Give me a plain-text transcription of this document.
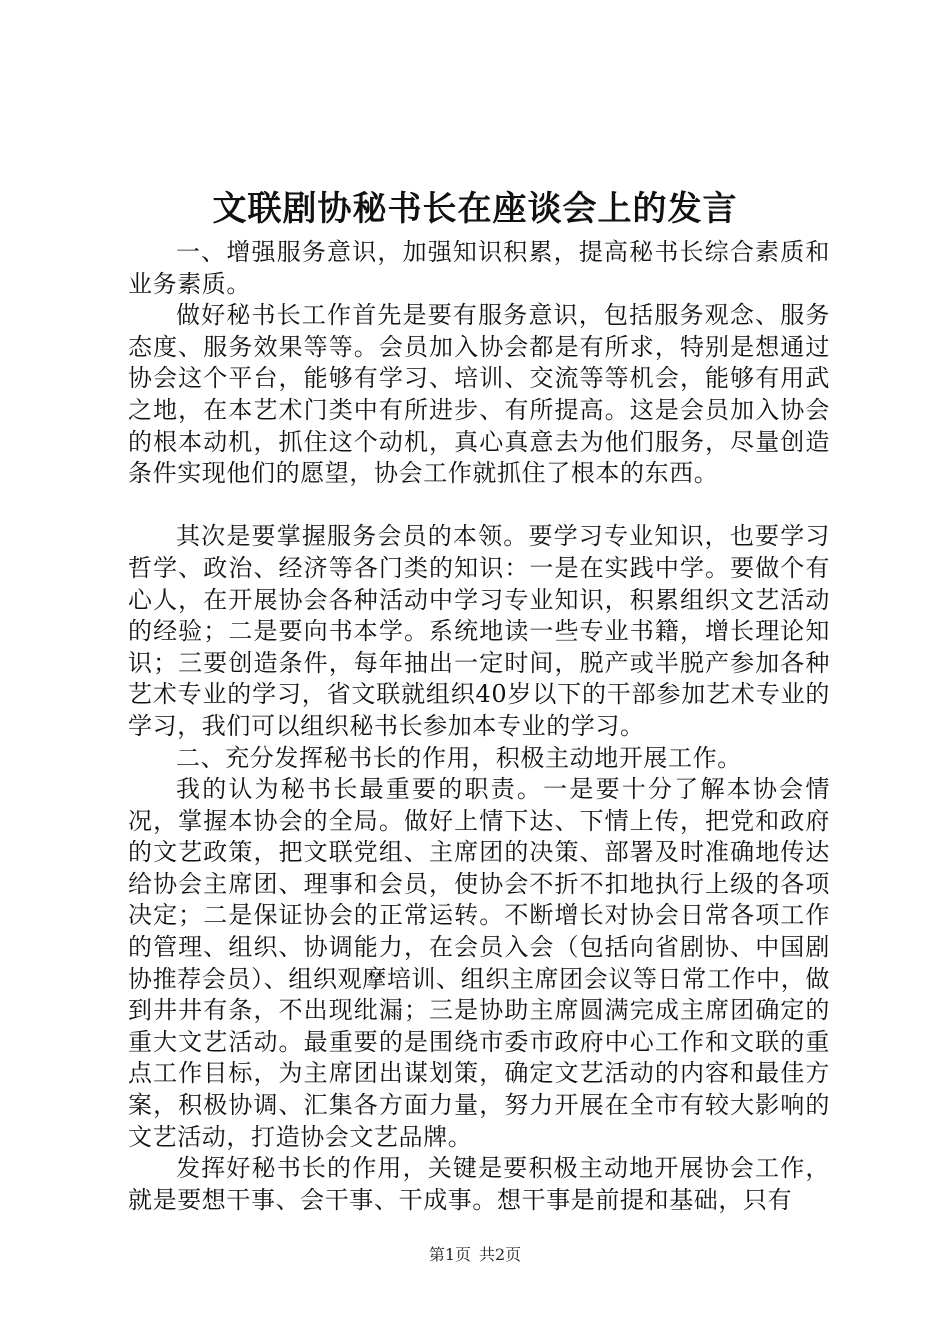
文联剧协秘书长在座谈会上的发言

一、增强服务意识，加强知识积累，提高秘书长综合素质和业务素质。

做好秘书长工作首先是要有服务意识，包括服务观念、服务态度、服务效果等等。会员加入协会都是有所求，特别是想通过协会这个平台，能够有学习、培训、交流等等机会，能够有用武之地，在本艺术门类中有所进步、有所提高。这是会员加入协会的根本动机，抓住这个动机，真心真意去为他们服务，尽量创造条件实现他们的愿望，协会工作就抓住了根本的东西。

其次是要掌握服务会员的本领。要学习专业知识，也要学习哲学、政治、经济等各门类的知识：一是在实践中学。要做个有心人，在开展协会各种活动中学习专业知识，积累组织文艺活动的经验；二是要向书本学。系统地读一些专业书籍，增长理论知识；三要创造条件，每年抽出一定时间，脱产或半脱产参加各种艺术专业的学习，省文联就组织40岁以下的干部参加艺术专业的学习，我们可以组织秘书长参加本专业的学习。

二、充分发挥秘书长的作用，积极主动地开展工作。

我的认为秘书长最重要的职责。一是要十分了解本协会情况，掌握本协会的全局。做好上情下达、下情上传，把党和政府的文艺政策，把文联党组、主席团的决策、部署及时准确地传达给协会主席团、理事和会员，使协会不折不扣地执行上级的各项决定；二是保证协会的正常运转。不断增长对协会日常各项工作的管理、组织、协调能力，在会员入会（包括向省剧协、中国剧协推荐会员）、组织观摩培训、组织主席团会议等日常工作中，做到井井有条，不出现纰漏；三是协助主席圆满完成主席团确定的重大文艺活动。最重要的是围绕市委市政府中心工作和文联的重点工作目标，为主席团出谋划策，确定文艺活动的内容和最佳方案，积极协调、汇集各方面力量，努力开展在全市有较大影响的文艺活动，打造协会文艺品牌。

发挥好秘书长的作用，关键是要积极主动地开展协会工作，就是要想干事、会干事、干成事。想干事是前提和基础，只有

第1页 共2页
